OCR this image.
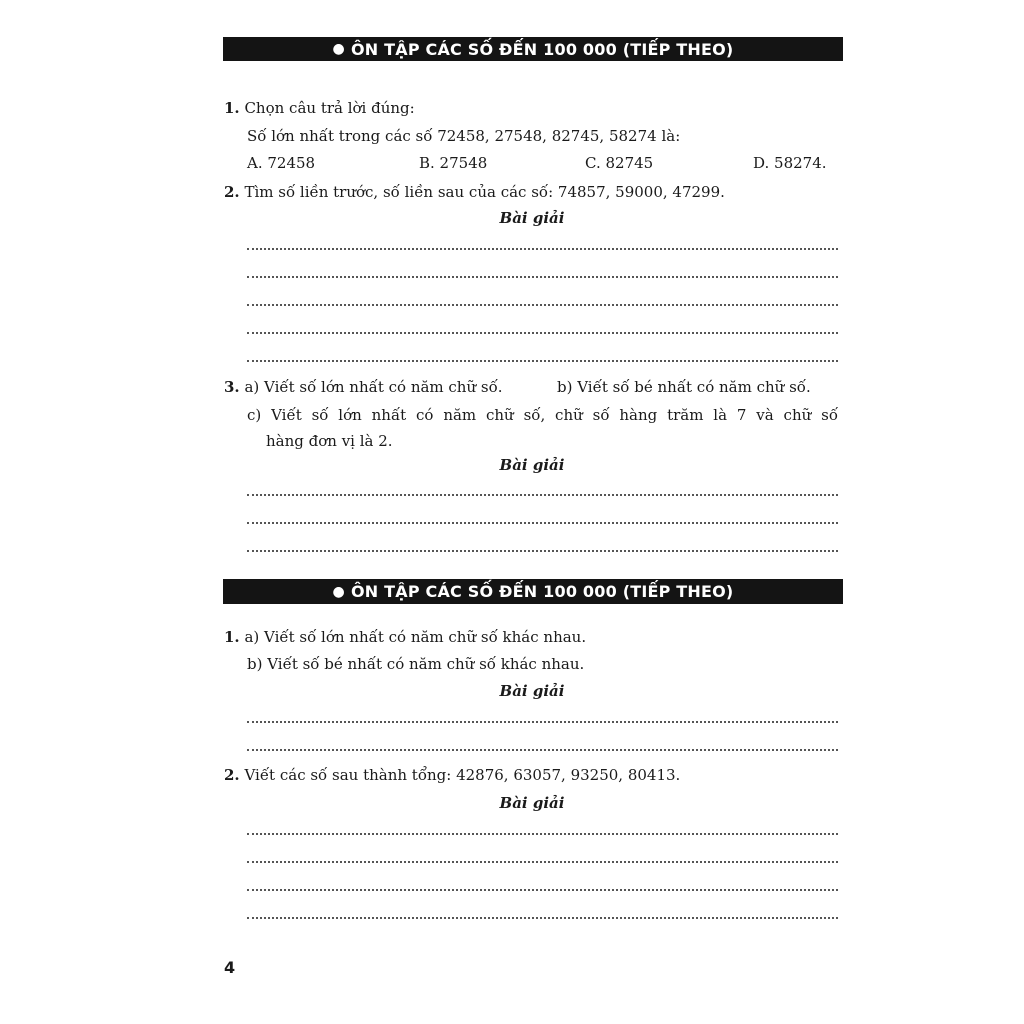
● ÔN TẬP CÁC SỐ ĐẾN 100 000 (TIẾP THEO)
1. Chọn câu trả lời đúng:
Số lớn nhất trong các số 72458, 27548, 82745, 58274 là:
A. 72458	B. 27548	C. 82745	D. 58274.
2. Tìm số liền trước, số liền sau của các số: 74857, 59000, 47299.
Bài giải
3. a) Viết số lớn nhất có năm chữ số.	b) Viết số bé nhất có năm chữ số.
c) Viết số lớn nhất có năm chữ số, chữ số hàng trăm là 7 và chữ số
hàng đơn vị là 2.
Bài giải
● ÔN TẬP CÁC SỐ ĐẾN 100 000 (TIẾP THEO)
1. a) Viết số lớn nhất có năm chữ số khác nhau.
b) Viết số bé nhất có năm chữ số khác nhau.
Bài giải
2. Viết các số sau thành tổng: 42876, 63057, 93250, 80413.
Bài giải
4
